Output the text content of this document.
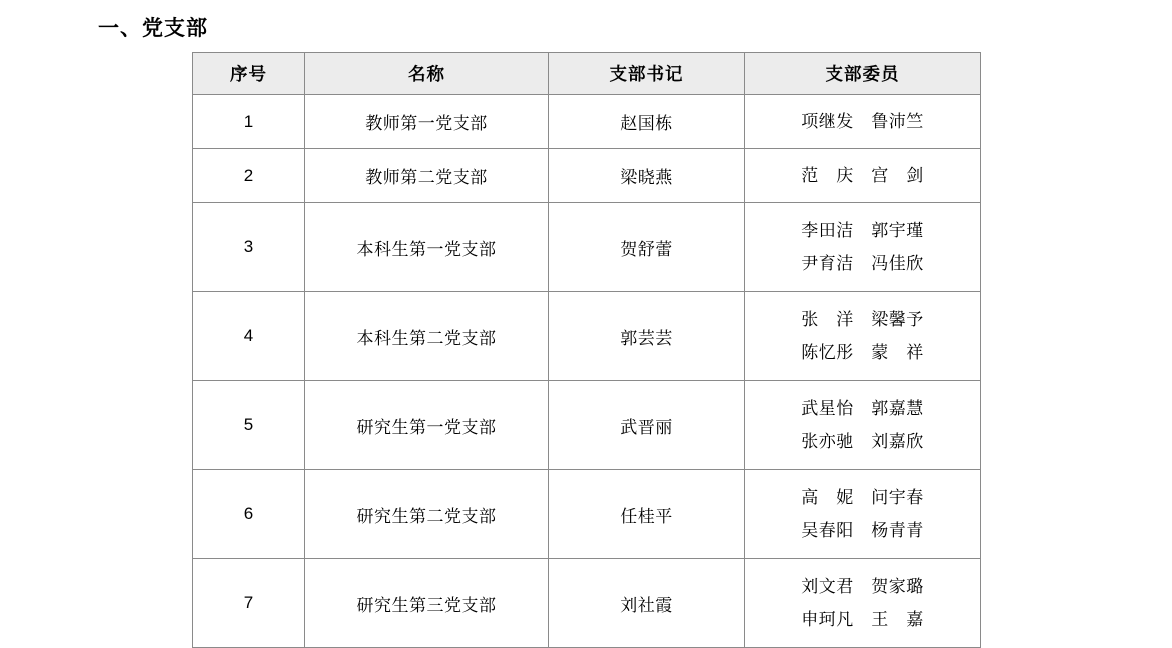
一、党支部
序号	名称	支部书记	支部委员
1	教师第一党支部	赵国栋	项继发　鲁沛竺

2	教师第二党支部	梁晓燕	范　庆　宫　剑

3	本科生第一党支部	贺舒蕾	李田洁　郭宇瑾
尹育洁　冯佳欣

4	本科生第二党支部	郭芸芸	张　洋　梁馨予
陈忆彤　蒙　祥

5	研究生第一党支部	武晋丽	武星怡　郭嘉慧
张亦驰　刘嘉欣

6	研究生第二党支部	任桂平	高　妮　问宇春
吴春阳　杨青青

7	研究生第三党支部	刘社霞	刘文君　贺家璐
申珂凡　王　嘉
